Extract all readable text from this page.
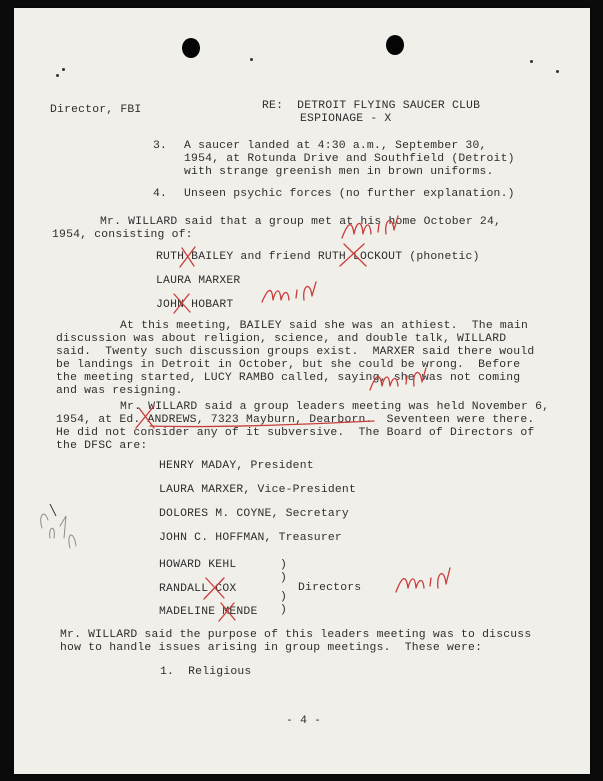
Director, FBI	RE:  DETROIT FLYING SAUCER CLUB
ESPIONAGE - X
3. A saucer landed at 4:30 a.m., September 30,
1954, at Rotunda Drive and Southfield (Detroit)
with strange greenish men in brown uniforms.
4. Unseen psychic forces (no further explanation.)
Mr. WILLARD said that a group met at his home October 24,
1954, consisting of:
RUTH BAILEY and friend RUTH LOCKOUT (phonetic)
LAURA MARXER
JOHN HOBART
At this meeting, BAILEY said she was an athiest.  The main
discussion was about religion, science, and double talk, WILLARD
said.  Twenty such discussion groups exist.  MARXER said there would
be landings in Detroit in October, but she could be wrong.  Before
the meeting started, LUCY RAMBO called, saying, she was not coming
and was resigning.
Mr. WILLARD said a group leaders meeting was held November 6,
1954, at Ed. ANDREWS, 7323 Mayburn, Dearborn.  Seventeen were there.
He did not consider any of it subversive.  The Board of Directors of
the DFSC are:
HENRY MADAY, President
LAURA MARXER, Vice-President
DOLORES M. COYNE, Secretary
JOHN C. HOFFMAN, Treasurer
HOWARD KEHL
RANDALL COX
MADELINE MENDE
)
)
)
)
Directors
Mr. WILLARD said the purpose of this leaders meeting was to discuss
how to handle issues arising in group meetings.  These were:
1.  Religious
- 4 -
